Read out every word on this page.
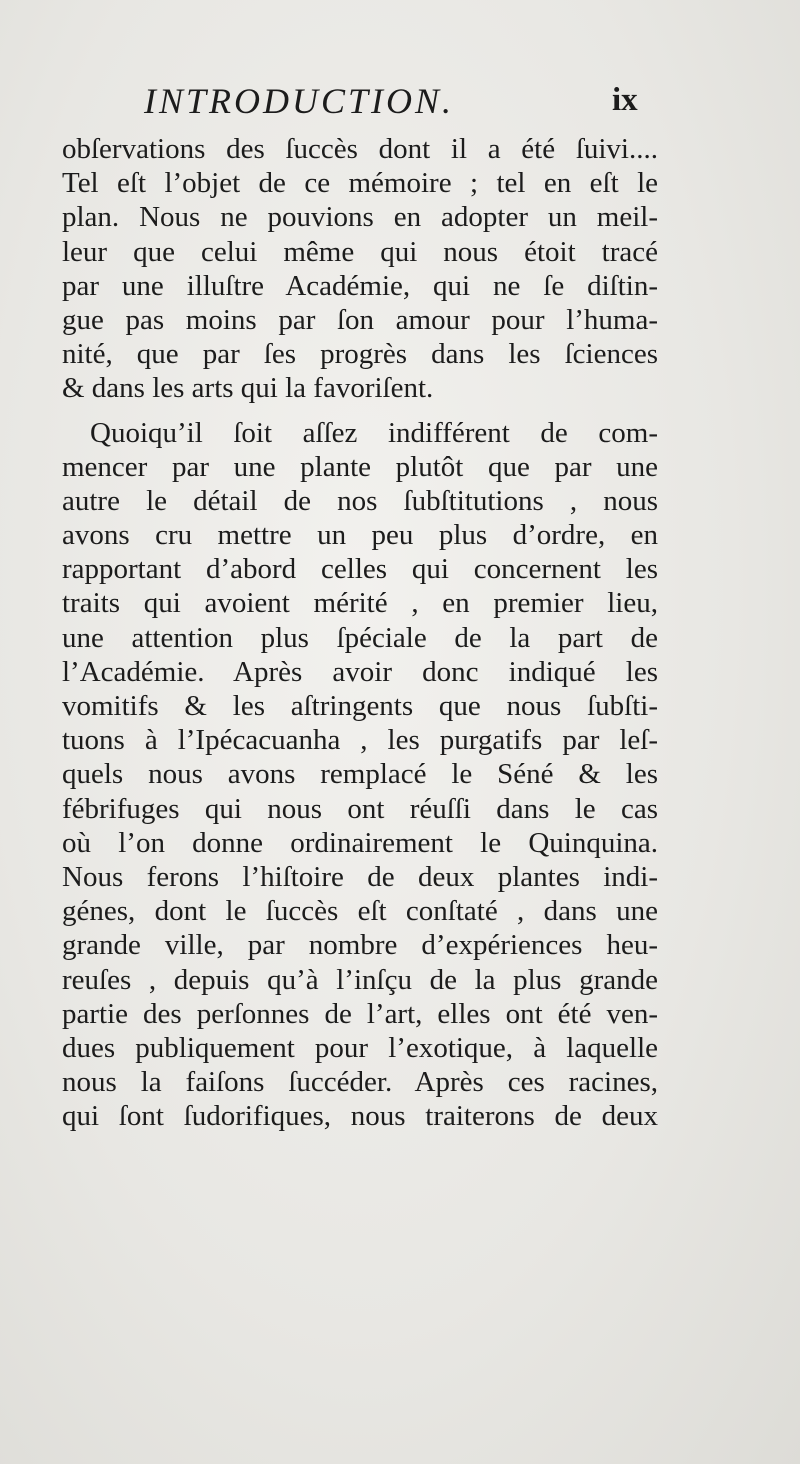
INTRODUCTION.	ix
obſervations des ſuccès dont il a été ſuivi....
Tel eſt l’objet de ce mémoire ; tel en eſt le
plan. Nous ne pouvions en adopter un meil-
leur que celui même qui nous étoit tracé
par une illuſtre Académie, qui ne ſe diſtin-
gue pas moins par ſon amour pour l’huma-
nité, que par ſes progrès dans les ſciences
& dans les arts qui la favoriſent.
Quoiqu’il ſoit aſſez indifférent de com-
mencer par une plante plutôt que par une
autre le détail de nos ſubſtitutions , nous
avons cru mettre un peu plus d’ordre, en
rapportant d’abord celles qui concernent les
traits qui avoient mérité , en premier lieu,
une attention plus ſpéciale de la part de
l’Académie. Après avoir donc indiqué les
vomitifs & les aſtringents que nous ſubſti-
tuons à l’Ipécacuanha , les purgatifs par leſ-
quels nous avons remplacé le Séné & les
fébrifuges qui nous ont réuſſi dans le cas
où l’on donne ordinairement le Quinquina.
Nous ferons l’hiſtoire de deux plantes indi-
génes, dont le ſuccès eſt conſtaté , dans une
grande ville, par nombre d’expériences heu-
reuſes , depuis qu’à l’inſçu de la plus grande
partie des perſonnes de l’art, elles ont été ven-
dues publiquement pour l’exotique, à laquelle
nous la faiſons ſuccéder. Après ces racines,
qui ſont ſudorifiques, nous traiterons de deux
